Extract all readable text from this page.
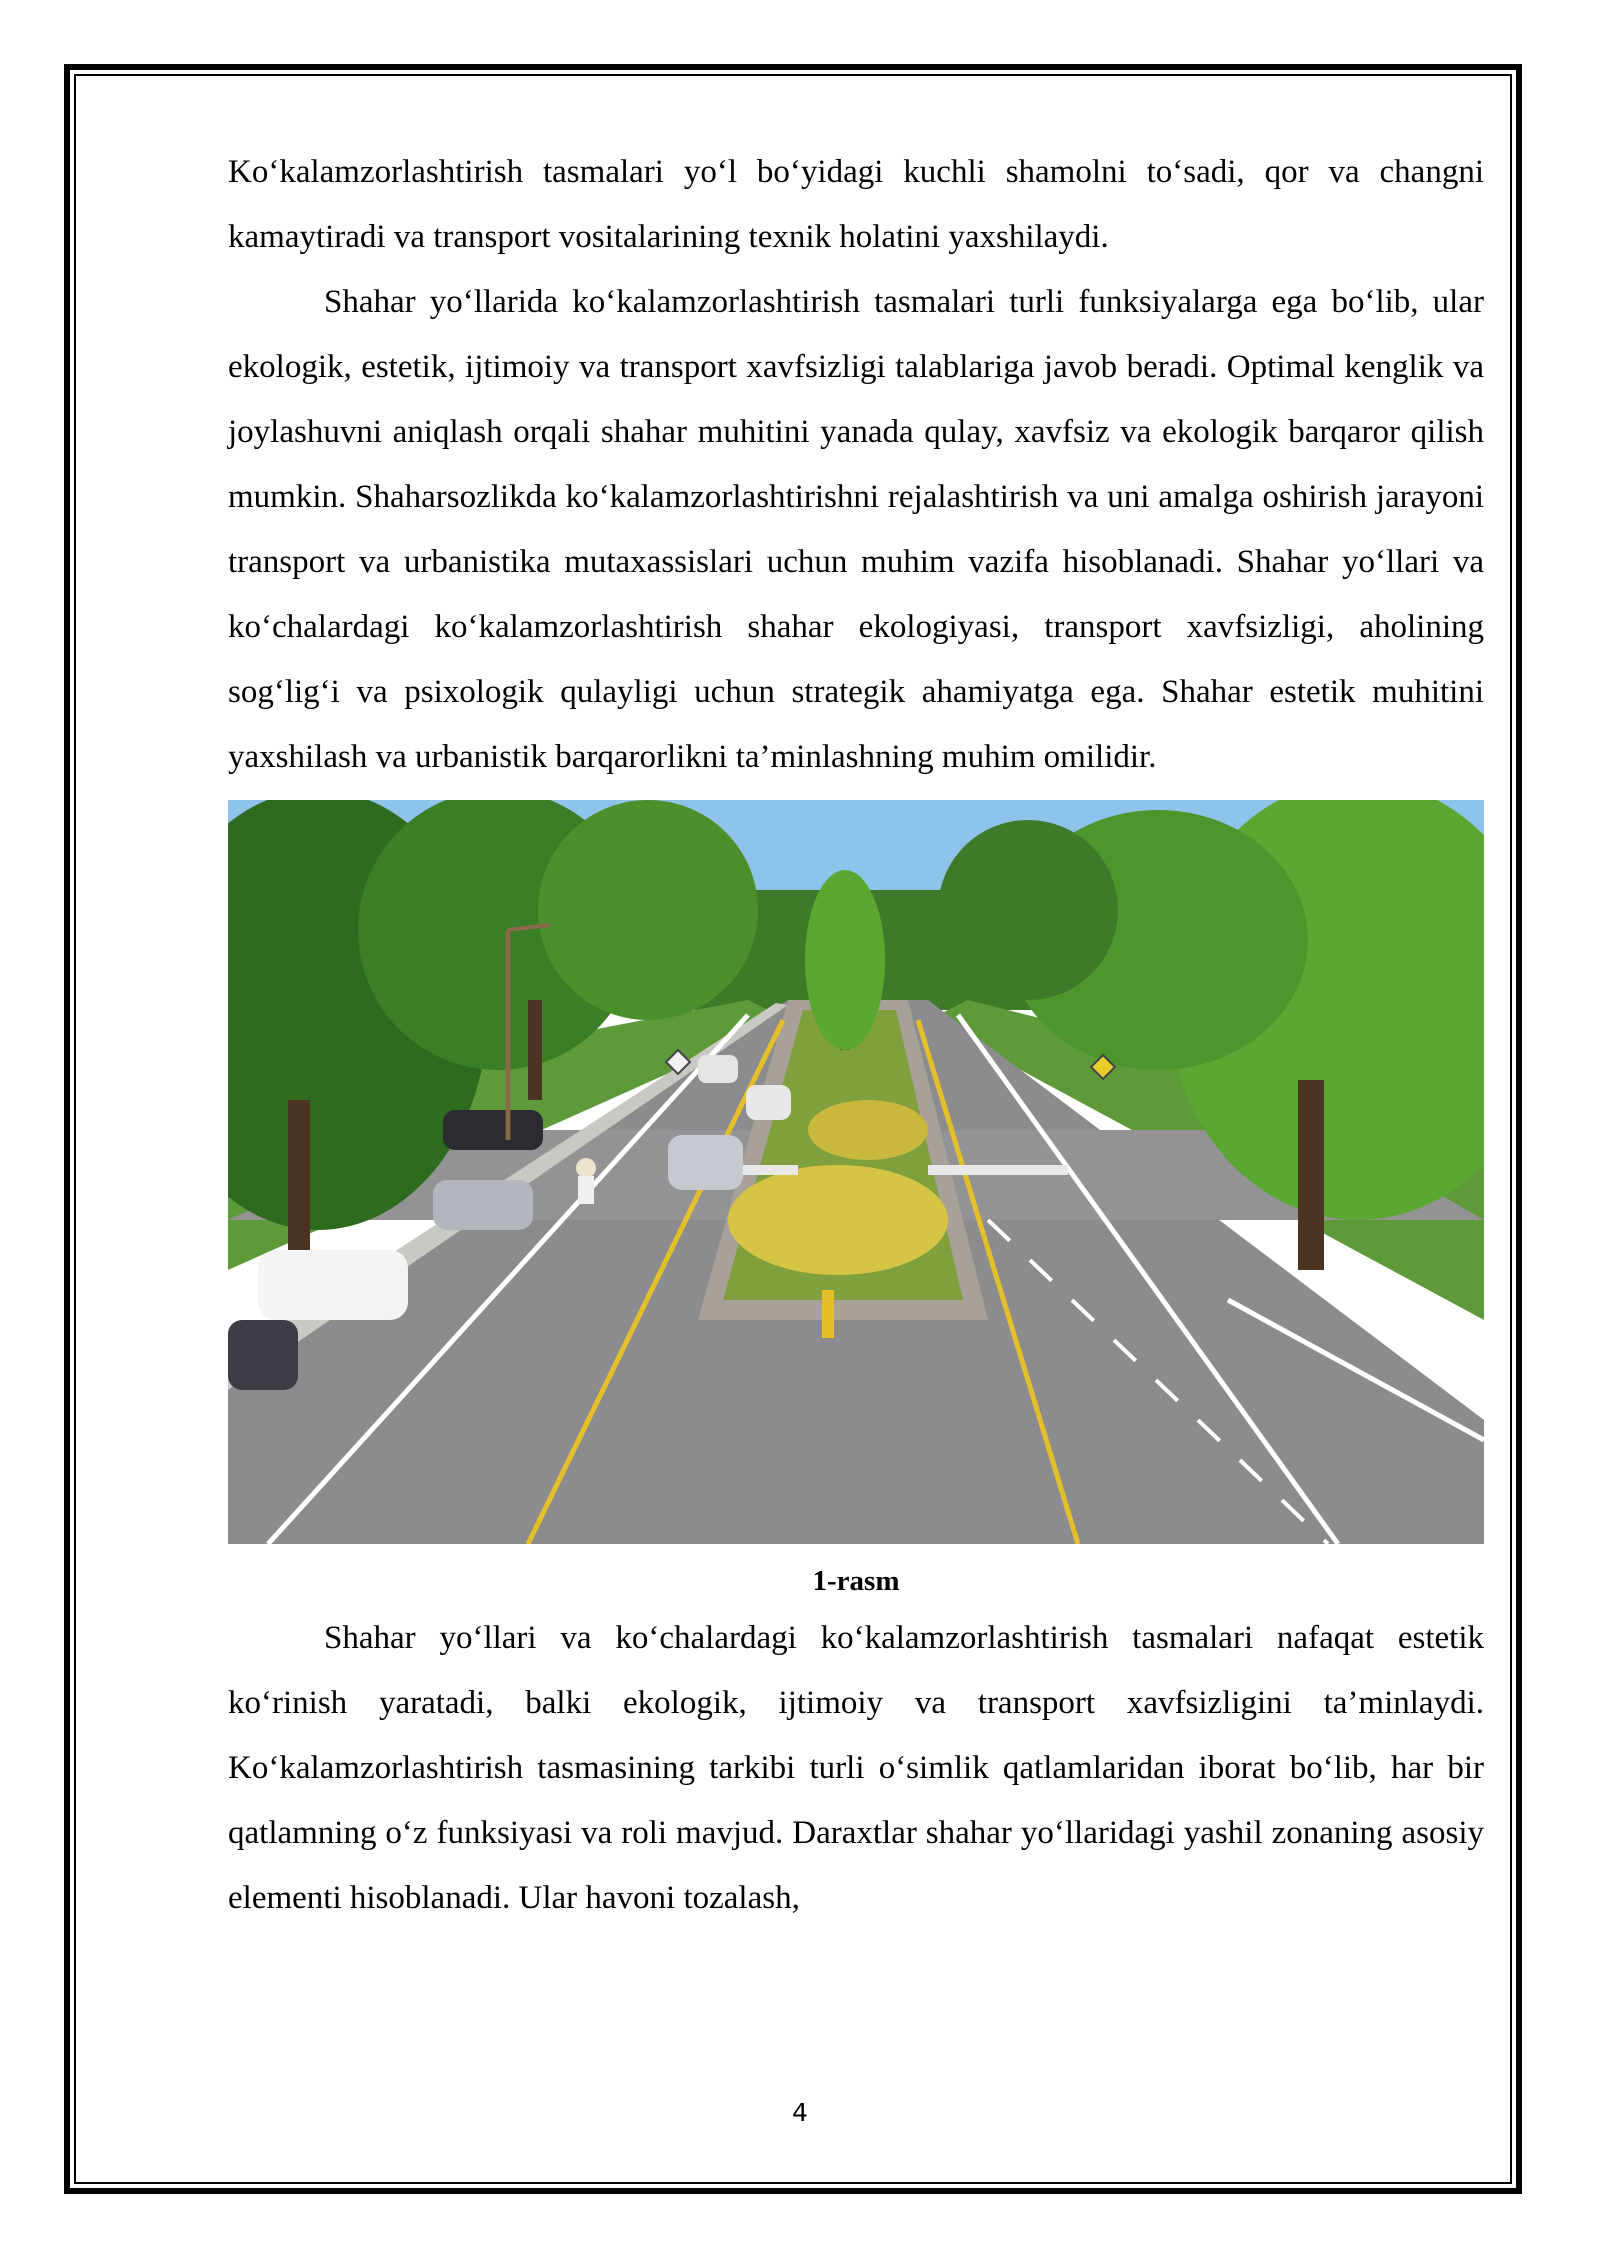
Ko‘kalamzorlashtirish tasmalari yo‘l bo‘yidagi kuchli shamolni to‘sadi, qor va changni kamaytiradi va transport vositalarining texnik holatini yaxshilaydi.

Shahar yo‘llarida ko‘kalamzorlashtirish tasmalari turli funksiyalarga ega bo‘lib, ular ekologik, estetik, ijtimoiy va transport xavfsizligi talablariga javob beradi. Optimal kenglik va joylashuvni aniqlash orqali shahar muhitini yanada qulay, xavfsiz va ekologik barqaror qilish mumkin. Shaharsozlikda ko‘kalamzorlashtirishni rejalashtirish va uni amalga oshirish jarayoni transport va urbanistika mutaxassislari uchun muhim vazifa hisoblanadi. Shahar yo‘llari va ko‘chalardagi ko‘kalamzorlashtirish shahar ekologiyasi, transport xavfsizligi, aholining sog‘lig‘i va psixologik qulayligi uchun strategik ahamiyatga ega. Shahar estetik muhitini yaxshilash va urbanistik barqarorlikni ta’minlashning muhim omilidir.

1-rasm

Shahar yo‘llari va ko‘chalardagi ko‘kalamzorlashtirish tasmalari nafaqat estetik ko‘rinish yaratadi, balki ekologik, ijtimoiy va transport xavfsizligini ta’minlaydi. Ko‘kalamzorlashtirish tasmasining tarkibi turli o‘simlik qatlamlaridan iborat bo‘lib, har bir qatlamning o‘z funksiyasi va roli mavjud. Daraxtlar shahar yo‘llaridagi yashil zonaning asosiy elementi hisoblanadi. Ular havoni tozalash,

4
